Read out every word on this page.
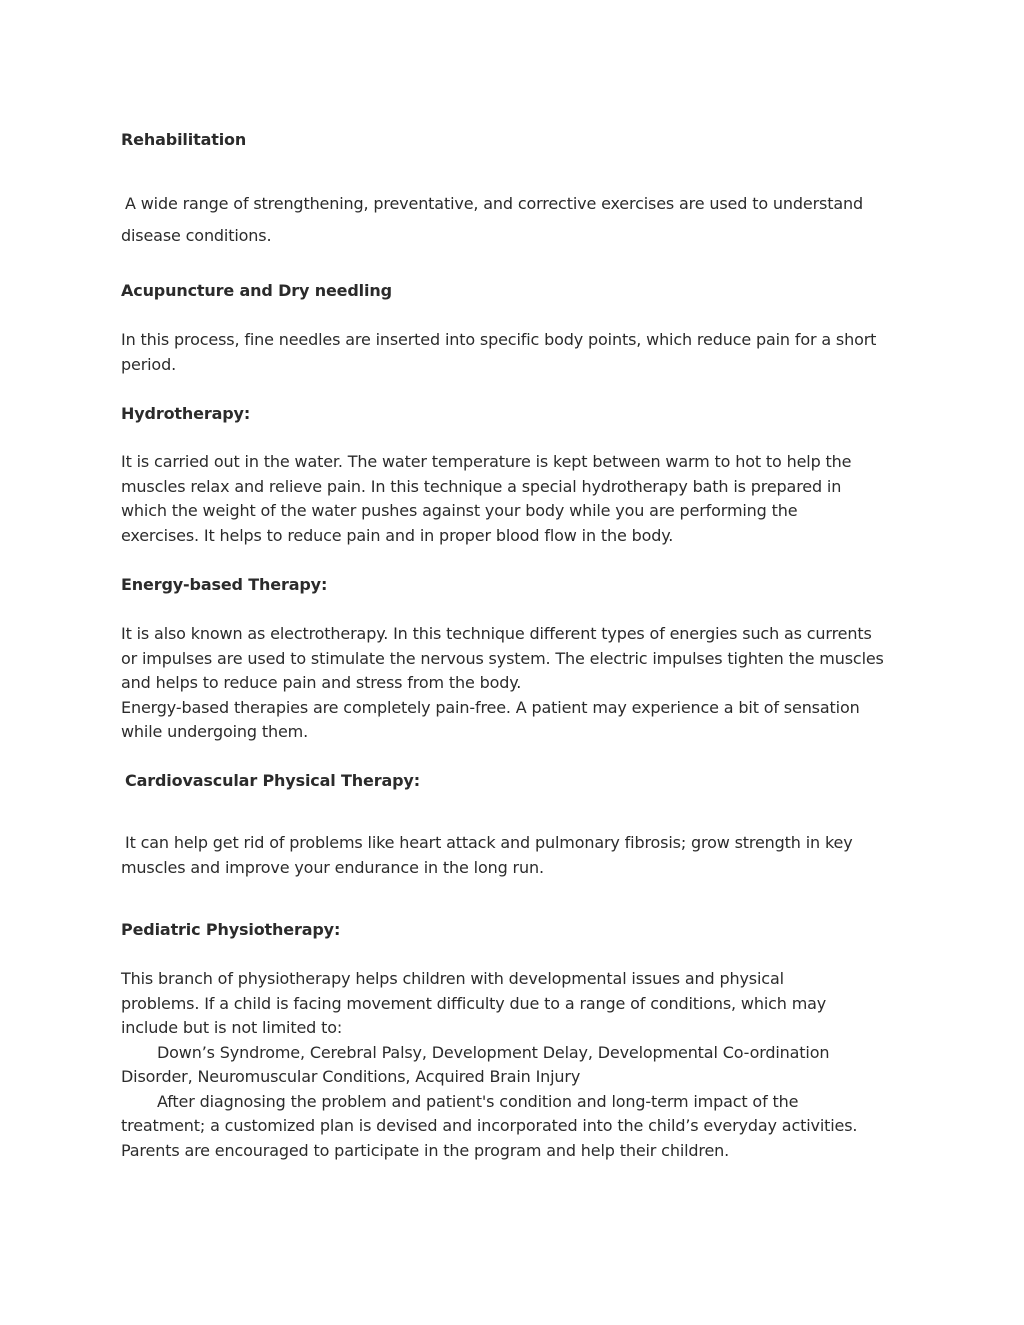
Rehabilitation

A wide range of strengthening, preventative, and corrective exercises are used to understand
disease conditions.

Acupuncture and Dry needling

In this process, fine needles are inserted into specific body points, which reduce pain for a short
period.

Hydrotherapy:

It is carried out in the water. The water temperature is kept between warm to hot to help the
muscles relax and relieve pain. In this technique a special hydrotherapy bath is prepared in
which the weight of the water pushes against your body while you are performing the
exercises. It helps to reduce pain and in proper blood flow in the body.

Energy-based Therapy:

It is also known as electrotherapy. In this technique different types of energies such as currents
or impulses are used to stimulate the nervous system. The electric impulses tighten the muscles
and helps to reduce pain and stress from the body.
Energy-based therapies are completely pain-free. A patient may experience a bit of sensation
while undergoing them.

Cardiovascular Physical Therapy:

It can help get rid of problems like heart attack and pulmonary fibrosis; grow strength in key
muscles and improve your endurance in the long run.

Pediatric Physiotherapy:

This branch of physiotherapy helps children with developmental issues and physical
problems. If a child is facing movement difficulty due to a range of conditions, which may
include but is not limited to:
Down’s Syndrome, Cerebral Palsy, Development Delay, Developmental Co-ordination
Disorder, Neuromuscular Conditions, Acquired Brain Injury
After diagnosing the problem and patient's condition and long-term impact of the
treatment; a customized plan is devised and incorporated into the child’s everyday activities.
Parents are encouraged to participate in the program and help their children.
